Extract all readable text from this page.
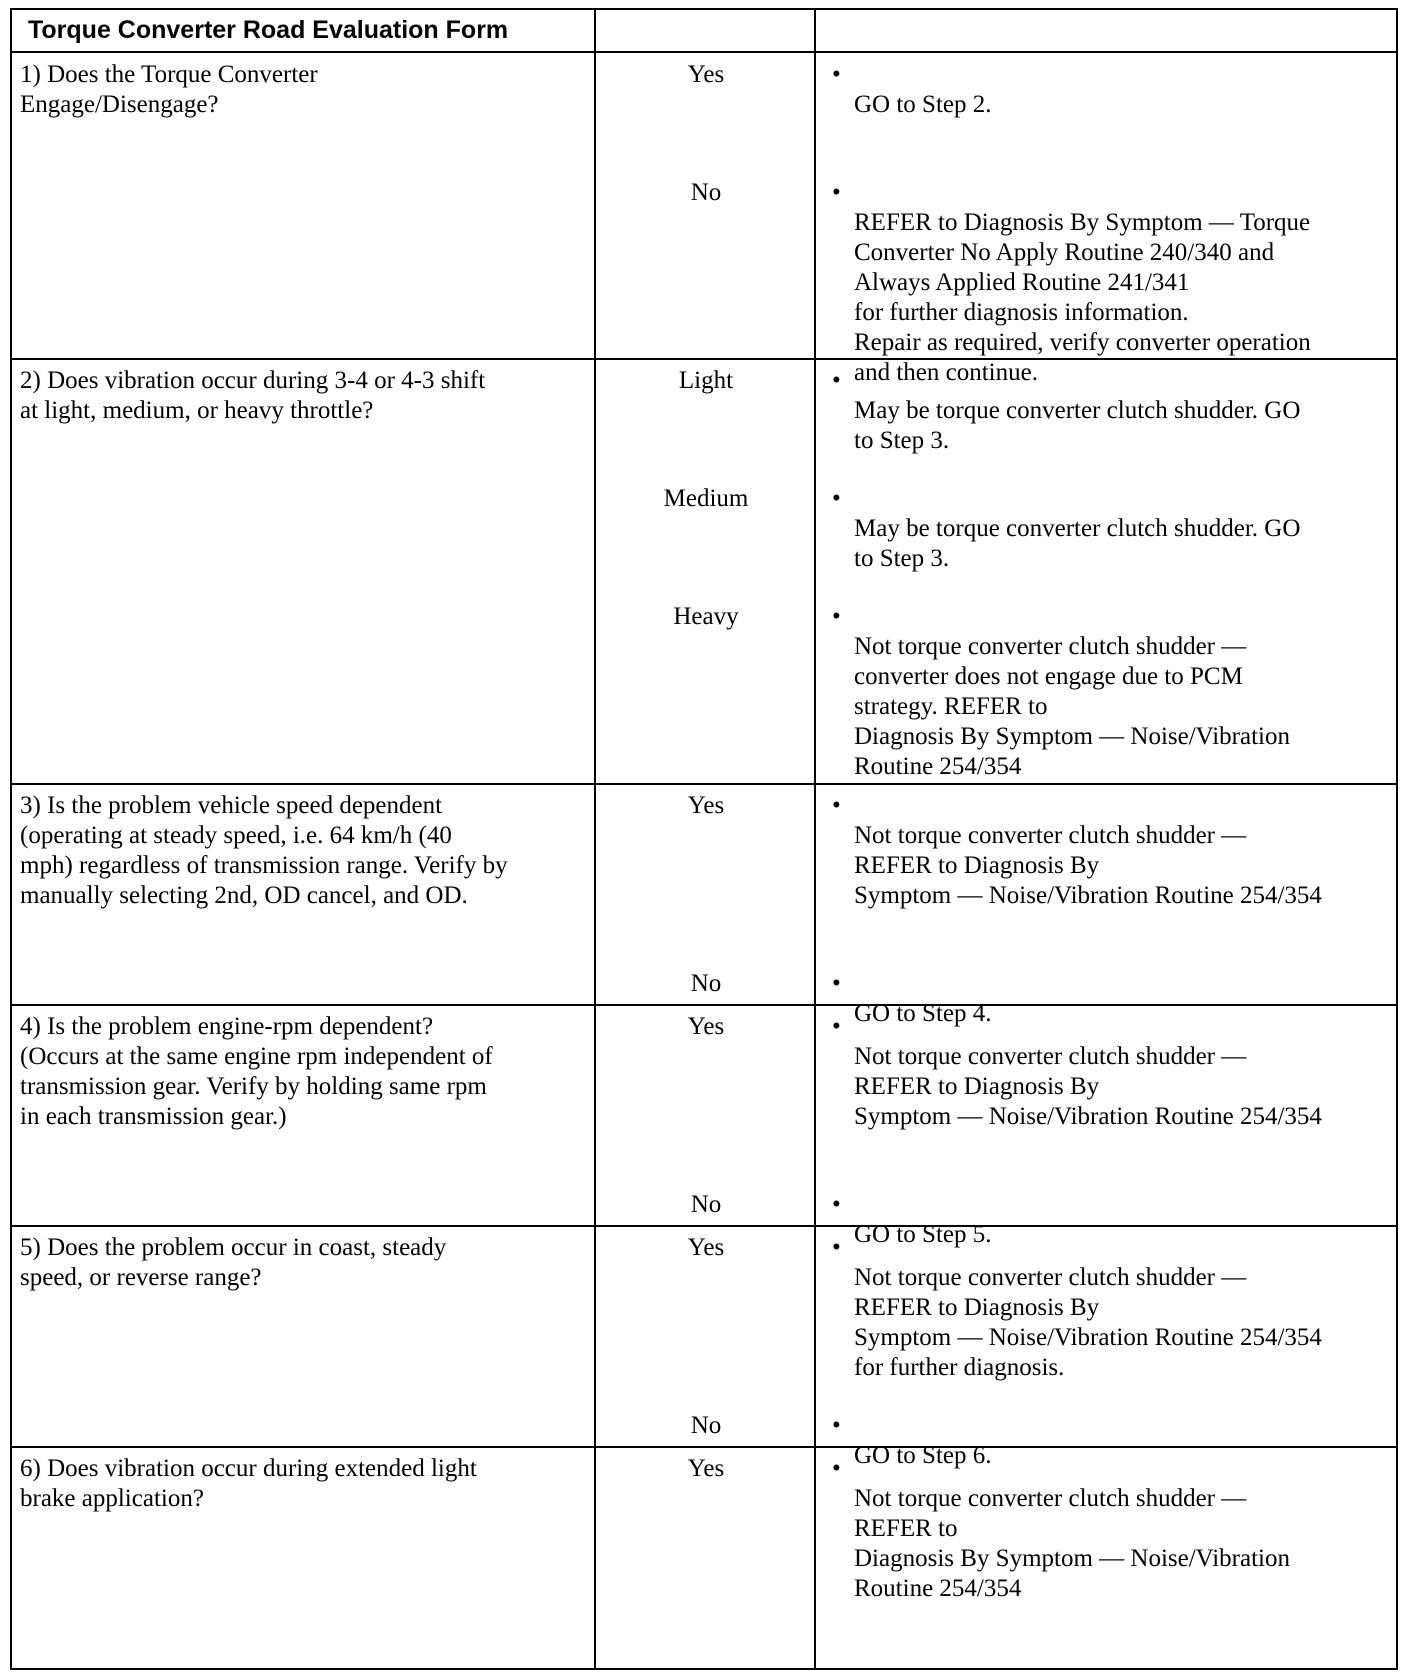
Torque Converter Road Evaluation Form
1) Does the Torque Converter
Engage/Disengage?
Yes	•
GO to Step 2.

No	•
REFER to Diagnosis By Symptom — Torque
Converter No Apply Routine 240/340 and
Always Applied Routine 241/341
for further diagnosis information.
Repair as required, verify converter operation
and then continue.

2) Does vibration occur during 3-4 or 4-3 shift
at light, medium, or heavy throttle?
Light	•
May be torque converter clutch shudder. GO
to Step 3.

Medium	•
May be torque converter clutch shudder. GO
to Step 3.

Heavy	•
Not torque converter clutch shudder —
converter does not engage due to PCM
strategy. REFER to
Diagnosis By Symptom — Noise/Vibration
Routine 254/354

3) Is the problem vehicle speed dependent
(operating at steady speed, i.e. 64 km/h (40
mph) regardless of transmission range. Verify by
manually selecting 2nd, OD cancel, and OD.
Yes	•
Not torque converter clutch shudder —
REFER to Diagnosis By
Symptom — Noise/Vibration Routine 254/354

No	•
GO to Step 4.

4) Is the problem engine-rpm dependent?
(Occurs at the same engine rpm independent of
transmission gear. Verify by holding same rpm
in each transmission gear.)
Yes	•
Not torque converter clutch shudder —
REFER to Diagnosis By
Symptom — Noise/Vibration Routine 254/354

No	•
GO to Step 5.

5) Does the problem occur in coast, steady
speed, or reverse range?
Yes	•
Not torque converter clutch shudder —
REFER to Diagnosis By
Symptom — Noise/Vibration Routine 254/354
for further diagnosis.

No	•
GO to Step 6.

6) Does vibration occur during extended light
brake application?
Yes	•
Not torque converter clutch shudder —
REFER to
Diagnosis By Symptom — Noise/Vibration
Routine 254/354
